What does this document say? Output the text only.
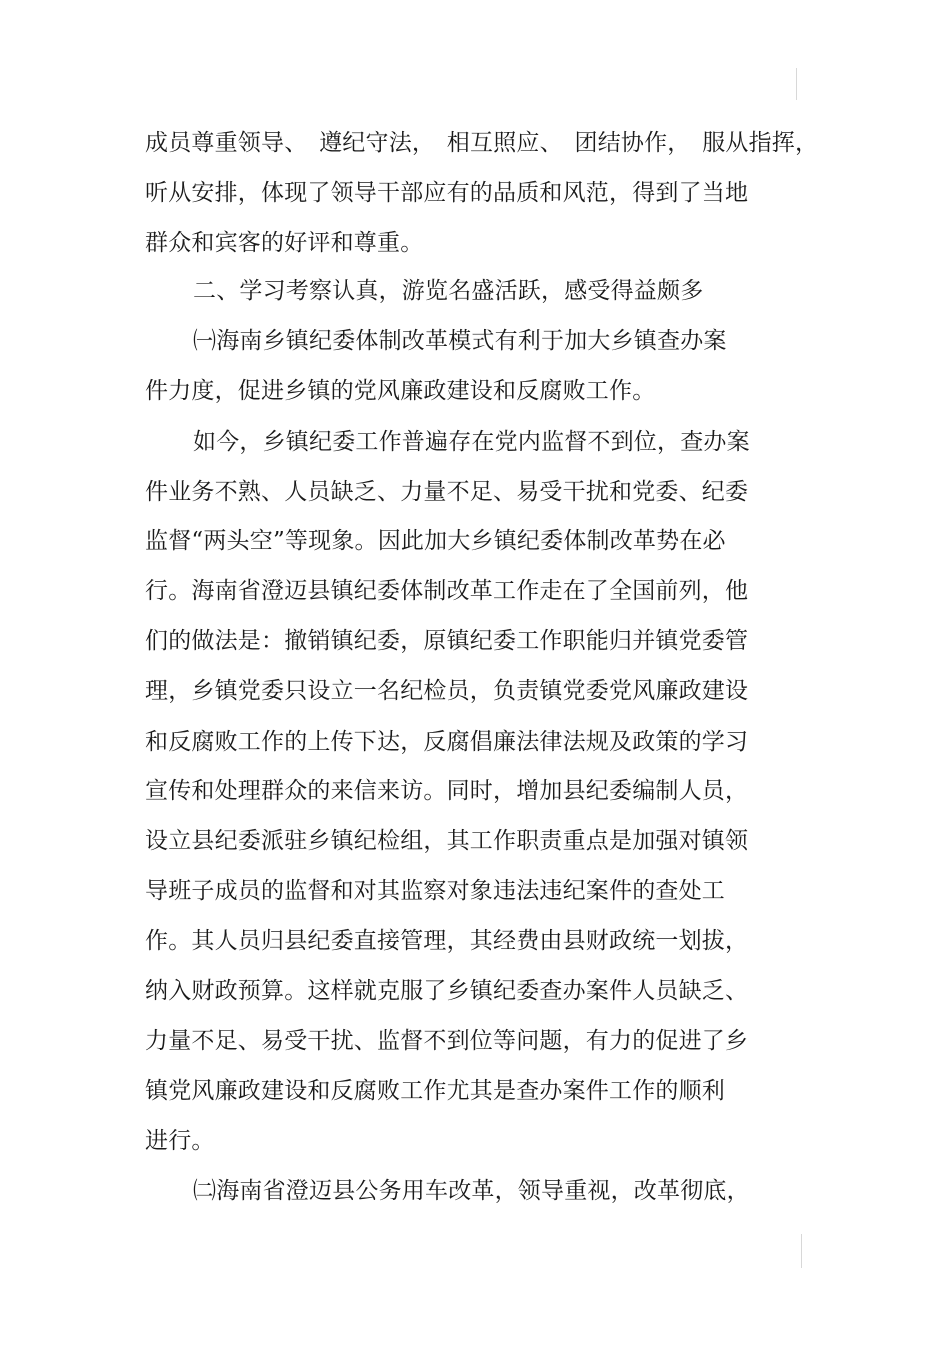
成员尊重领导、　遵纪守法，　相互照应、　团结协作，　服从指挥，
听从安排，体现了领导干部应有的品质和风范，得到了当地
群众和宾客的好评和尊重。
二、学习考察认真，游览名盛活跃，感受得益颇多
㈠海南乡镇纪委体制改革模式有利于加大乡镇查办案
件力度，促进乡镇的党风廉政建设和反腐败工作。
如今，乡镇纪委工作普遍存在党内监督不到位，查办案
件业务不熟、人员缺乏、力量不足、易受干扰和党委、纪委
监督“两头空”等现象。因此加大乡镇纪委体制改革势在必
行。海南省澄迈县镇纪委体制改革工作走在了全国前列，他
们的做法是：撤销镇纪委，原镇纪委工作职能归并镇党委管
理，乡镇党委只设立一名纪检员，负责镇党委党风廉政建设
和反腐败工作的上传下达，反腐倡廉法律法规及政策的学习
宣传和处理群众的来信来访。同时，增加县纪委编制人员，
设立县纪委派驻乡镇纪检组，其工作职责重点是加强对镇领
导班子成员的监督和对其监察对象违法违纪案件的查处工
作。其人员归县纪委直接管理，其经费由县财政统一划拔，
纳入财政预算。这样就克服了乡镇纪委查办案件人员缺乏、
力量不足、易受干扰、监督不到位等问题，有力的促进了乡
镇党风廉政建设和反腐败工作尤其是查办案件工作的顺利
进行。
㈡海南省澄迈县公务用车改革，领导重视，改革彻底，
